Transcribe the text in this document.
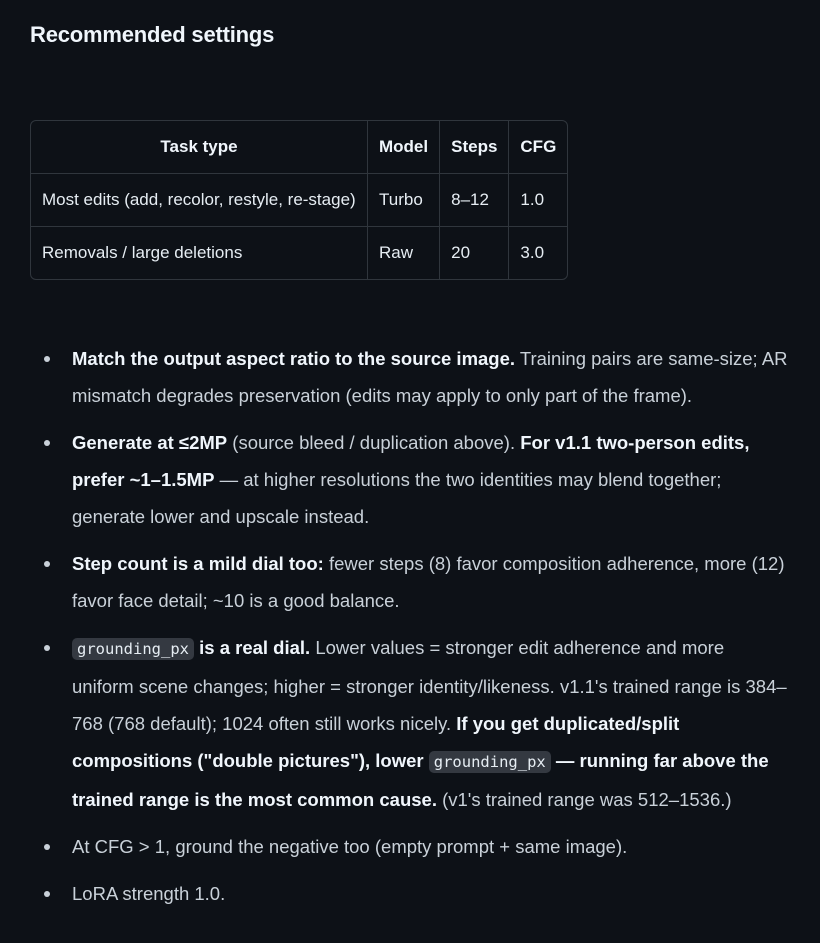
Recommended settings
Task type	Model	Steps	CFG
Most edits (add, recolor, restyle, re-stage)	Turbo	8–12	1.0
Removals / large deletions	Raw	20	3.0
Match the output aspect ratio to the source image. Training pairs are same-size; AR mismatch degrades preservation (edits may apply to only part of the frame).
Generate at ≤2MP (source bleed / duplication above). For v1.1 two-person edits, prefer ~1–1.5MP — at higher resolutions the two identities may blend together; generate lower and upscale instead.
Step count is a mild dial too: fewer steps (8) favor composition adherence, more (12) favor face detail; ~10 is a good balance.
grounding_px is a real dial. Lower values = stronger edit adherence and more uniform scene changes; higher = stronger identity/likeness. v1.1's trained range is 384–768 (768 default); 1024 often still works nicely. If you get duplicated/split compositions ("double pictures"), lower grounding_px — running far above the trained range is the most common cause. (v1's trained range was 512–1536.)
At CFG > 1, ground the negative too (empty prompt + same image).
LoRA strength 1.0.
